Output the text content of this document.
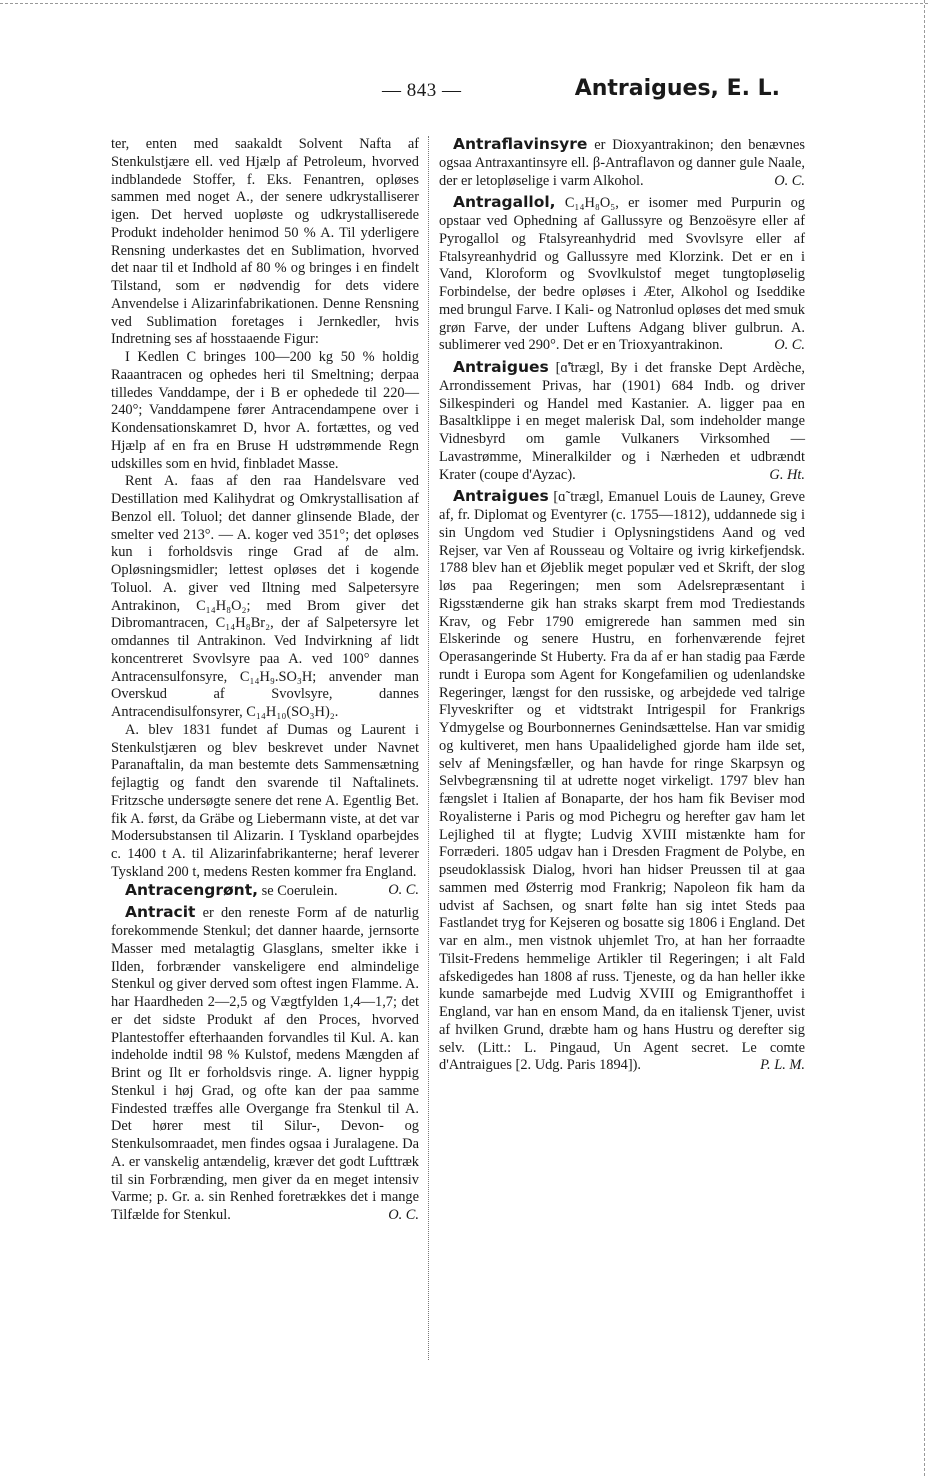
— 843 —	Antraigues, E. L.

ter, enten med saakaldt Solvent Nafta af Stenkulstjære ell. ved Hjælp af Petroleum, hvorved indblandede Stoffer, f. Eks. Fenantren, opløses sammen med noget A., der senere udkrystalliserer igen. Det herved uopløste og udkrystalliserede Produkt indeholder henimod 50 % A. Til yderligere Rensning underkastes det en Sublimation, hvorved det naar til et Indhold af 80 % og bringes i en findelt Tilstand, som er nødvendig for dets videre Anvendelse i Alizarinfabrikationen. Denne Rensning ved Sublimation foretages i Jernkedler, hvis Indretning ses af hosstaaende Figur:

I Kedlen C bringes 100—200 kg 50 % holdig Raaantracen og ophedes heri til Smeltning; derpaa tilledes Vanddampe, der i B er ophedede til 220—240°; Vanddampene fører Antracendampene over i Kondensationskamret D, hvor A. fortættes, og ved Hjælp af en fra en Bruse H udstrømmende Regn udskilles som en hvid, finbladet Masse.

Rent A. faas af den raa Handelsvare ved Destillation med Kalihydrat og Omkrystallisation af Benzol ell. Toluol; det danner glinsende Blade, der smelter ved 213°. — A. koger ved 351°; det opløses kun i forholdsvis ringe Grad af de alm. Opløsningsmidler; lettest opløses det i kogende Toluol. A. giver ved Iltning med Salpetersyre Antrakinon, C₁₄H₈O₂; med Brom giver det Dibromantracen, C₁₄H₈Br₂, der af Salpetersyre let omdannes til Antrakinon. Ved Indvirkning af lidt koncentreret Svovlsyre paa A. ved 100° dannes Antracensulfonsyre, C₁₄H₉.SO₃H; anvender man Overskud af Svovlsyre, dannes Antracendisulfonsyrer, C₁₄H₁₀(SO₃H)₂.

A. blev 1831 fundet af Dumas og Laurent i Stenkulstjæren og blev beskrevet under Navnet Paranaftalin, da man bestemte dets Sammensætning fejlagtig og fandt den svarende til Naftalinets. Fritzsche undersøgte senere det rene A. Egentlig Bet. fik A. først, da Gräbe og Liebermann viste, at det var Modersubstansen til Alizarin. I Tyskland oparbejdes c. 1400 t A. til Alizarinfabrikanterne; heraf leverer Tyskland 200 t, medens Resten kommer fra England.
O. C.

Antracengrønt, se Coerulein.

Antracit er den reneste Form af de naturlig forekommende Stenkul; det danner haarde, jernsorte Masser med metalagtig Glasglans, smelter ikke i Ilden, forbrænder vanskeligere end almindelige Stenkul og giver derved som oftest ingen Flamme. A. har Haardheden 2—2,5 og Vægtfylden 1,4—1,7; det er det sidste Produkt af den Proces, hvorved Plantestoffer efterhaanden forvandles til Kul. A. kan indeholde indtil 98 % Kulstof, medens Mængden af Brint og Ilt er forholdsvis ringe. A. ligner hyppig Stenkul i høj Grad, og ofte kan der paa samme Findested træffes alle Overgange fra Stenkul til A. Det hører mest til Silur-, Devon- og Stenkulsomraadet, men findes ogsaa i Juralagene. Da A. er vanskelig antændelig, kræver det godt Lufttræk til sin Forbrænding, men giver da en meget intensiv Varme; p. Gr. a. sin Renhed foretrækkes det i mange Tilfælde for Stenkul.	O. C.

Antraflavinsyre er Dioxyantrakinon; den benævnes ogsaa Antraxantinsyre ell. β-Antraflavon og danner gule Naale, der er letopløselige i varm Alkohol.	O. C.

Antragallol, C₁₄H₈O₅, er isomer med Purpurin og opstaar ved Ophedning af Gallussyre og Benzoësyre eller af Pyrogallol og Ftalsyreanhydrid med Svovlsyre eller af Ftalsyreanhydrid og Gallussyre med Klorzink. Det er en i Vand, Kloroform og Svovlkulstof meget tungtopløselig Forbindelse, der bedre opløses i Æter, Alkohol og Iseddike med brungul Farve. I Kali- og Natronlud opløses det med smuk grøn Farve, der under Luftens Adgang bliver gulbrun. A. sublimerer ved 290°. Det er en Trioxyantrakinon.	O. C.

Antraigues [ɑ̃'trægl, By i det franske Dept Ardèche, Arrondissement Privas, har (1901) 684 Indb. og driver Silkespinderi og Handel med Kastanier. A. ligger paa en Basaltklippe i en meget malerisk Dal, som indeholder mange Vidnesbyrd om gamle Vulkaners Virksomhed — Lavastrømme, Mineralkilder og i Nærheden et udbrændt Krater (coupe d'Ayzac).	G. Ht.

Antraigues [ɑ̃ trægl, Emanuel Louis de Launey, Greve af, fr. Diplomat og Eventyrer (c. 1755—1812), uddannede sig i sin Ungdom ved Studier i Oplysningstidens Aand og ved Rejser, var Ven af Rousseau og Voltaire og ivrig kirkefjendsk. 1788 blev han et Øjeblik meget populær ved et Skrift, der slog løs paa Regeringen; men som Adelsrepræsentant i Rigsstænderne gik han straks skarpt frem mod Trediestands Krav, og Febr 1790 emigrerede han sammen med sin Elskerinde og senere Hustru, en forhenværende fejret Operasangerinde St Huberty. Fra da af er han stadig paa Færde rundt i Europa som Agent for Kongefamilien og udenlandske Regeringer, længst for den russiske, og arbejdede ved talrige Flyveskrifter og et vidtstrakt Intrigespil for Frankrigs Ydmygelse og Bourbonnernes Genindsættelse. Han var smidig og kultiveret, men hans Upaalidelighed gjorde ham ilde set, selv af Meningsfæller, og han havde for ringe Skarpsyn og Selvbegrænsning til at udrette noget virkeligt. 1797 blev han fængslet i Italien af Bonaparte, der hos ham fik Beviser mod Royalisterne i Paris og mod Pichegru og herefter gav ham let Lejlighed til at flygte; Ludvig XVIII mistænkte ham for Forræderi. 1805 udgav han i Dresden Fragment de Polybe, en pseudoklassisk Dialog, hvori han hidser Preussen til at gaa sammen med Østerrig mod Frankrig; Napoleon fik ham da udvist af Sachsen, og snart følte han sig intet Steds paa Fastlandet tryg for Kejseren og bosatte sig 1806 i England. Det var en alm., men vistnok uhjemlet Tro, at han her forraadte Tilsit-Fredens hemmelige Artikler til Regeringen; i alt Fald afskedigedes han 1808 af russ. Tjeneste, og da han heller ikke kunde samarbejde med Ludvig XVIII og Emigranthoffet i England, var han en ensom Mand, da en italiensk Tjener, uvist af hvilken Grund, dræbte ham og hans Hustru og derefter sig selv. (Litt.: L. Pingaud, Un Agent secret. Le comte d'Antraigues [2. Udg. Paris 1894]).	P. L. M.
